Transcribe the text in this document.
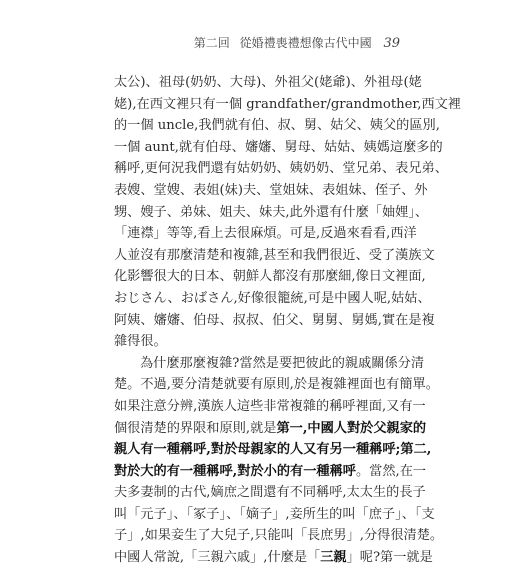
第二回 從婚禮喪禮想像古代中國 39
太公)、祖母(奶奶、大母)、外祖父(姥爺)、外祖母(姥
姥),在西文裡只有一個 grandfather/grandmother,西文裡
的一個 uncle,我們就有伯、叔、舅、姑父、姨父的區別,
一個 aunt,就有伯母、嬸嬸、舅母、姑姑、姨媽這麼多的
稱呼,更何況我們還有姑奶奶、姨奶奶、堂兄弟、表兄弟、
表嫂、堂嫂、表姐(妹)夫、堂姐妹、表姐妹、侄子、外
甥、嫂子、弟妹、姐夫、妹夫,此外還有什麼「妯娌」、
「連襟」等等,看上去很麻煩。可是,反過來看看,西洋
人並沒有那麼清楚和複雜,甚至和我們很近、受了漢族文
化影響很大的日本、朝鮮人都沒有那麼細,像日文裡面,
おじさん、おばさん,好像很籠統,可是中國人呢,姑姑、
阿姨、嬸嬸、伯母、叔叔、伯父、舅舅、舅媽,實在是複
雜得很。
為什麼那麼複雜?當然是要把彼此的親戚關係分清
楚。不過,要分清楚就要有原則,於是複雜裡面也有簡單。
如果注意分辨,漢族人這些非常複雜的稱呼裡面,又有一
個很清楚的界限和原則,就是第一,中國人對於父親家的
親人有一種稱呼,對於母親家的人又有另一種稱呼;第二,
對於大的有一種稱呼,對於小的有一種稱呼。當然,在一
夫多妻制的古代,嫡庶之間還有不同稱呼,太太生的長子
叫「元子」、「冢子」、「嫡子」,妾所生的叫「庶子」、「支
子」,如果妾生了大兒子,只能叫「長庶男」,分得很清楚。
中國人常說,「三親六戚」,什麼是「三親」呢?第一就是
